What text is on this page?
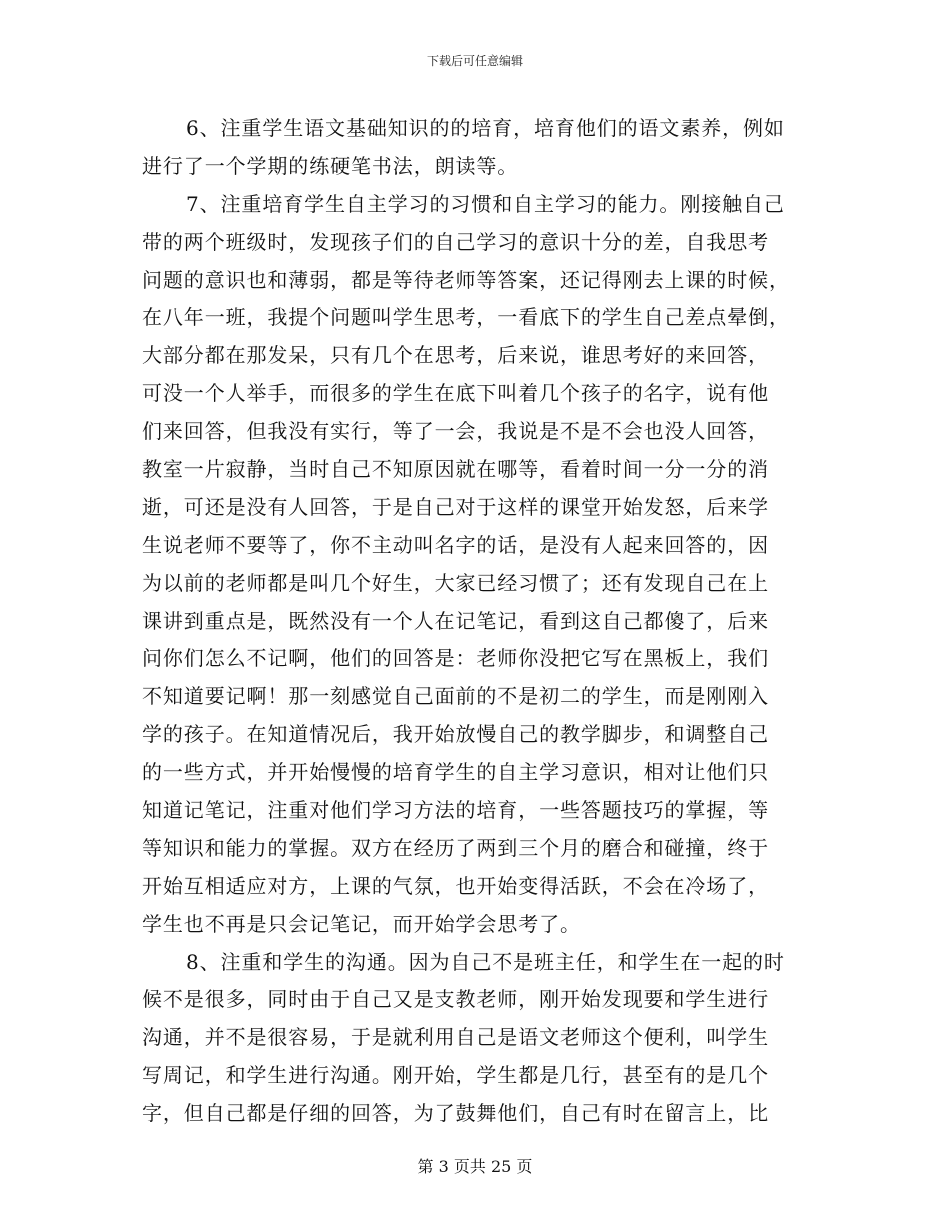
下载后可任意编辑
6、注重学生语文基础知识的的培育，培育他们的语文素养，例如
进行了一个学期的练硬笔书法，朗读等。
7、注重培育学生自主学习的习惯和自主学习的能力。刚接触自己
带的两个班级时，发现孩子们的自己学习的意识十分的差，自我思考
问题的意识也和薄弱，都是等待老师等答案，还记得刚去上课的时候，
在八年一班，我提个问题叫学生思考，一看底下的学生自己差点晕倒，
大部分都在那发呆，只有几个在思考，后来说，谁思考好的来回答，
可没一个人举手，而很多的学生在底下叫着几个孩子的名字，说有他
们来回答，但我没有实行，等了一会，我说是不是不会也没人回答，
教室一片寂静，当时自己不知原因就在哪等，看着时间一分一分的消
逝，可还是没有人回答，于是自己对于这样的课堂开始发怒，后来学
生说老师不要等了，你不主动叫名字的话，是没有人起来回答的，因
为以前的老师都是叫几个好生，大家已经习惯了；还有发现自己在上
课讲到重点是，既然没有一个人在记笔记，看到这自己都傻了，后来
问你们怎么不记啊，他们的回答是：老师你没把它写在黑板上，我们
不知道要记啊！那一刻感觉自己面前的不是初二的学生，而是刚刚入
学的孩子。在知道情况后，我开始放慢自己的教学脚步，和调整自己
的一些方式，并开始慢慢的培育学生的自主学习意识，相对让他们只
知道记笔记，注重对他们学习方法的培育，一些答题技巧的掌握，等
等知识和能力的掌握。双方在经历了两到三个月的磨合和碰撞，终于
开始互相适应对方，上课的气氛，也开始变得活跃，不会在冷场了，
学生也不再是只会记笔记，而开始学会思考了。
8、注重和学生的沟通。因为自己不是班主任，和学生在一起的时
候不是很多，同时由于自己又是支教老师，刚开始发现要和学生进行
沟通，并不是很容易，于是就利用自己是语文老师这个便利，叫学生
写周记，和学生进行沟通。刚开始，学生都是几行，甚至有的是几个
字，但自己都是仔细的回答，为了鼓舞他们，自己有时在留言上，比
第 3 页共 25 页
